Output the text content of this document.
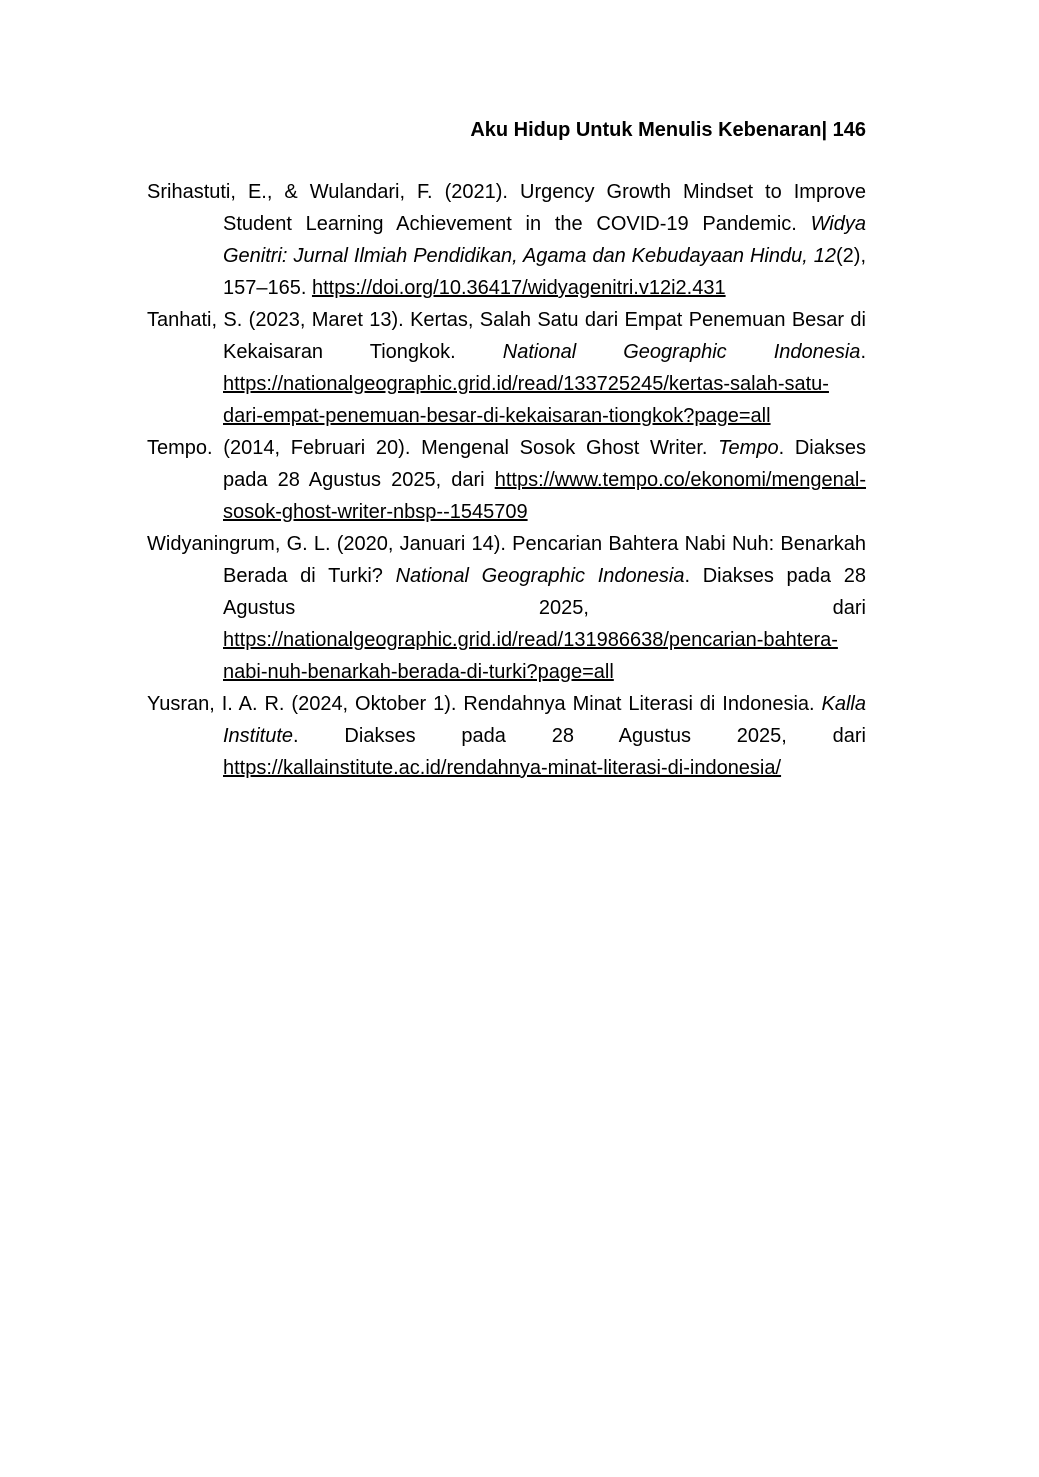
Aku Hidup Untuk Menulis Kebenaran| 146

Srihastuti, E., & Wulandari, F. (2021). Urgency Growth Mindset to Improve Student Learning Achievement in the COVID-19 Pandemic. Widya Genitri: Jurnal Ilmiah Pendidikan, Agama dan Kebudayaan Hindu, 12(2), 157–165. https://doi.org/10.36417/widyagenitri.v12i2.431

Tanhati, S. (2023, Maret 13). Kertas, Salah Satu dari Empat Penemuan Besar di Kekaisaran Tiongkok. National Geographic Indonesia. https://nationalgeographic.grid.id/read/133725245/kertas-salah-satu-dari-empat-penemuan-besar-di-kekaisaran-tiongkok?page=all

Tempo. (2014, Februari 20). Mengenal Sosok Ghost Writer. Tempo. Diakses pada 28 Agustus 2025, dari https://www.tempo.co/ekonomi/mengenal-sosok-ghost-writer-nbsp--1545709

Widyaningrum, G. L. (2020, Januari 14). Pencarian Bahtera Nabi Nuh: Benarkah Berada di Turki? National Geographic Indonesia. Diakses pada 28 Agustus 2025, dari https://nationalgeographic.grid.id/read/131986638/pencarian-bahtera-nabi-nuh-benarkah-berada-di-turki?page=all

Yusran, I. A. R. (2024, Oktober 1). Rendahnya Minat Literasi di Indonesia. Kalla Institute. Diakses pada 28 Agustus 2025, dari https://kallainstitute.ac.id/rendahnya-minat-literasi-di-indonesia/
